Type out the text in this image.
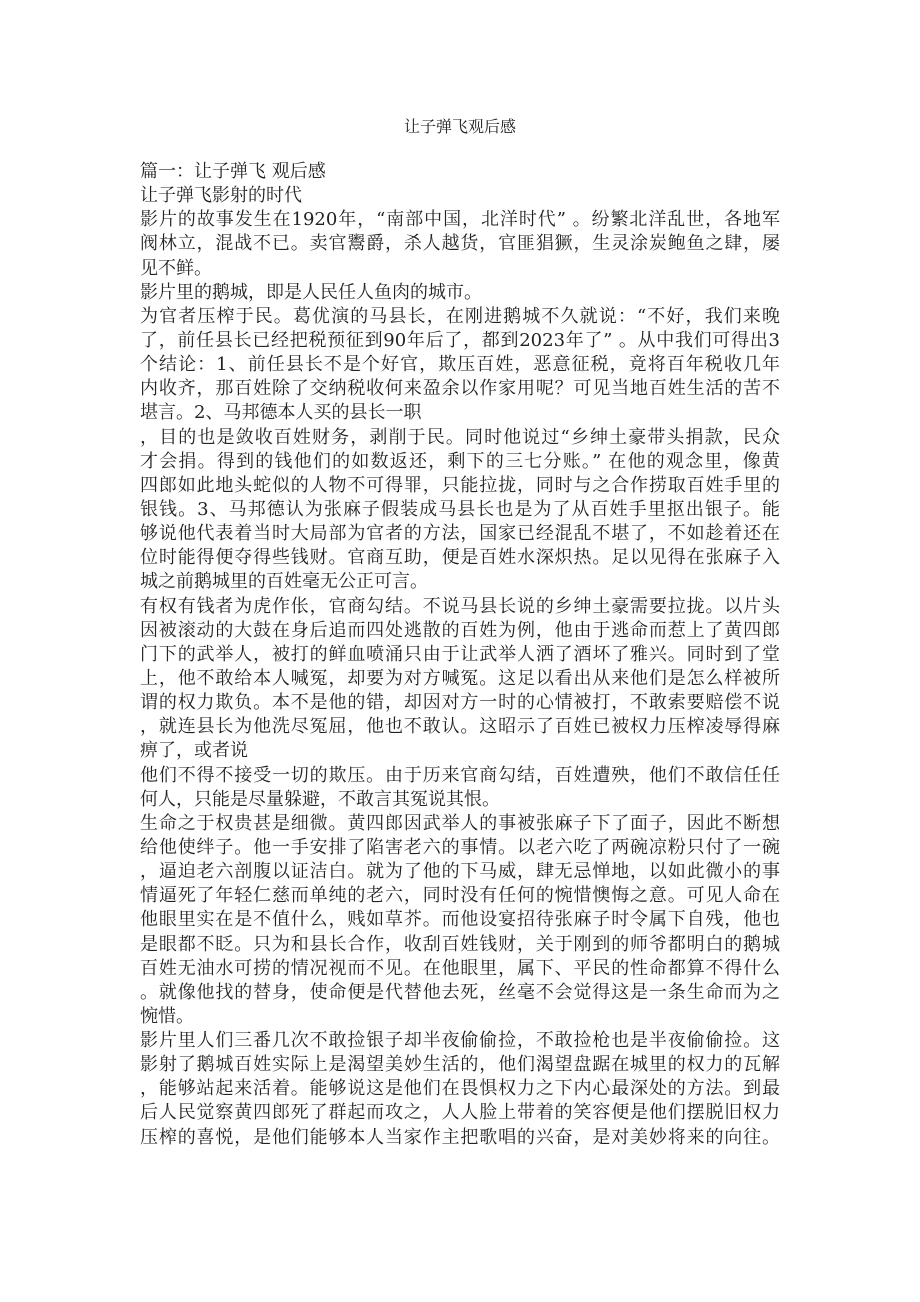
让子弹飞观后感
篇一：让子弹飞 观后感
让子弹飞影射的时代
影片的故事发生在1920年，“南部中国，北洋时代” 。纷繁北洋乱世，各地军
阀林立，混战不已。卖官鬻爵，杀人越货，官匪猖獗，生灵涂炭鲍鱼之肆，屡
见不鲜。
影片里的鹅城，即是人民任人鱼肉的城市。
为官者压榨于民。葛优演的马县长，在刚进鹅城不久就说：“不好，我们来晚
了，前任县长已经把税预征到90年后了，都到2023年了” 。从中我们可得出3
个结论：1、前任县长不是个好官，欺压百姓，恶意征税，竟将百年税收几年
内收齐，那百姓除了交纳税收何来盈余以作家用呢？可见当地百姓生活的苦不
堪言。2、马邦德本人买的县长一职
，目的也是敛收百姓财务，剥削于民。同时他说过“乡绅土豪带头捐款，民众
才会捐。得到的钱他们的如数返还，剩下的三七分账。” 在他的观念里，像黄
四郎如此地头蛇似的人物不可得罪，只能拉拢，同时与之合作捞取百姓手里的
银钱。3、马邦德认为张麻子假装成马县长也是为了从百姓手里抠出银子。能
够说他代表着当时大局部为官者的方法，国家已经混乱不堪了，不如趁着还在
位时能得便夺得些钱财。官商互助，便是百姓水深炽热。足以见得在张麻子入
城之前鹅城里的百姓毫无公正可言。
有权有钱者为虎作伥，官商勾结。不说马县长说的乡绅土豪需要拉拢。以片头
因被滚动的大鼓在身后追而四处逃散的百姓为例，他由于逃命而惹上了黄四郎
门下的武举人，被打的鲜血喷涌只由于让武举人洒了酒坏了雅兴。同时到了堂
上，他不敢给本人喊冤，却要为对方喊冤。这足以看出从来他们是怎么样被所
谓的权力欺负。本不是他的错，却因对方一时的心情被打，不敢索要赔偿不说
，就连县长为他洗尽冤屈，他也不敢认。这昭示了百姓已被权力压榨凌辱得麻
痹了，或者说
他们不得不接受一切的欺压。由于历来官商勾结，百姓遭殃，他们不敢信任任
何人，只能是尽量躲避，不敢言其冤说其恨。
生命之于权贵甚是细微。黄四郎因武举人的事被张麻子下了面子，因此不断想
给他使绊子。他一手安排了陷害老六的事情。以老六吃了两碗凉粉只付了一碗
，逼迫老六剖腹以证洁白。就为了他的下马威，肆无忌惮地，以如此微小的事
情逼死了年轻仁慈而单纯的老六，同时没有任何的惋惜懊悔之意。可见人命在
他眼里实在是不值什么，贱如草芥。而他设宴招待张麻子时令属下自残，他也
是眼都不眨。只为和县长合作，收刮百姓钱财，关于刚到的师爷都明白的鹅城
百姓无油水可捞的情况视而不见。在他眼里，属下、平民的性命都算不得什么
。就像他找的替身，使命便是代替他去死，丝毫不会觉得这是一条生命而为之
惋惜。
影片里人们三番几次不敢捡银子却半夜偷偷捡，不敢捡枪也是半夜偷偷捡。这
影射了鹅城百姓实际上是渴望美妙生活的，他们渴望盘踞在城里的权力的瓦解
，能够站起来活着。能够说这是他们在畏惧权力之下内心最深处的方法。到最
后人民觉察黄四郎死了群起而攻之，人人脸上带着的笑容便是他们摆脱旧权力
压榨的喜悦，是他们能够本人当家作主把歌唱的兴奋，是对美妙将来的向往。
